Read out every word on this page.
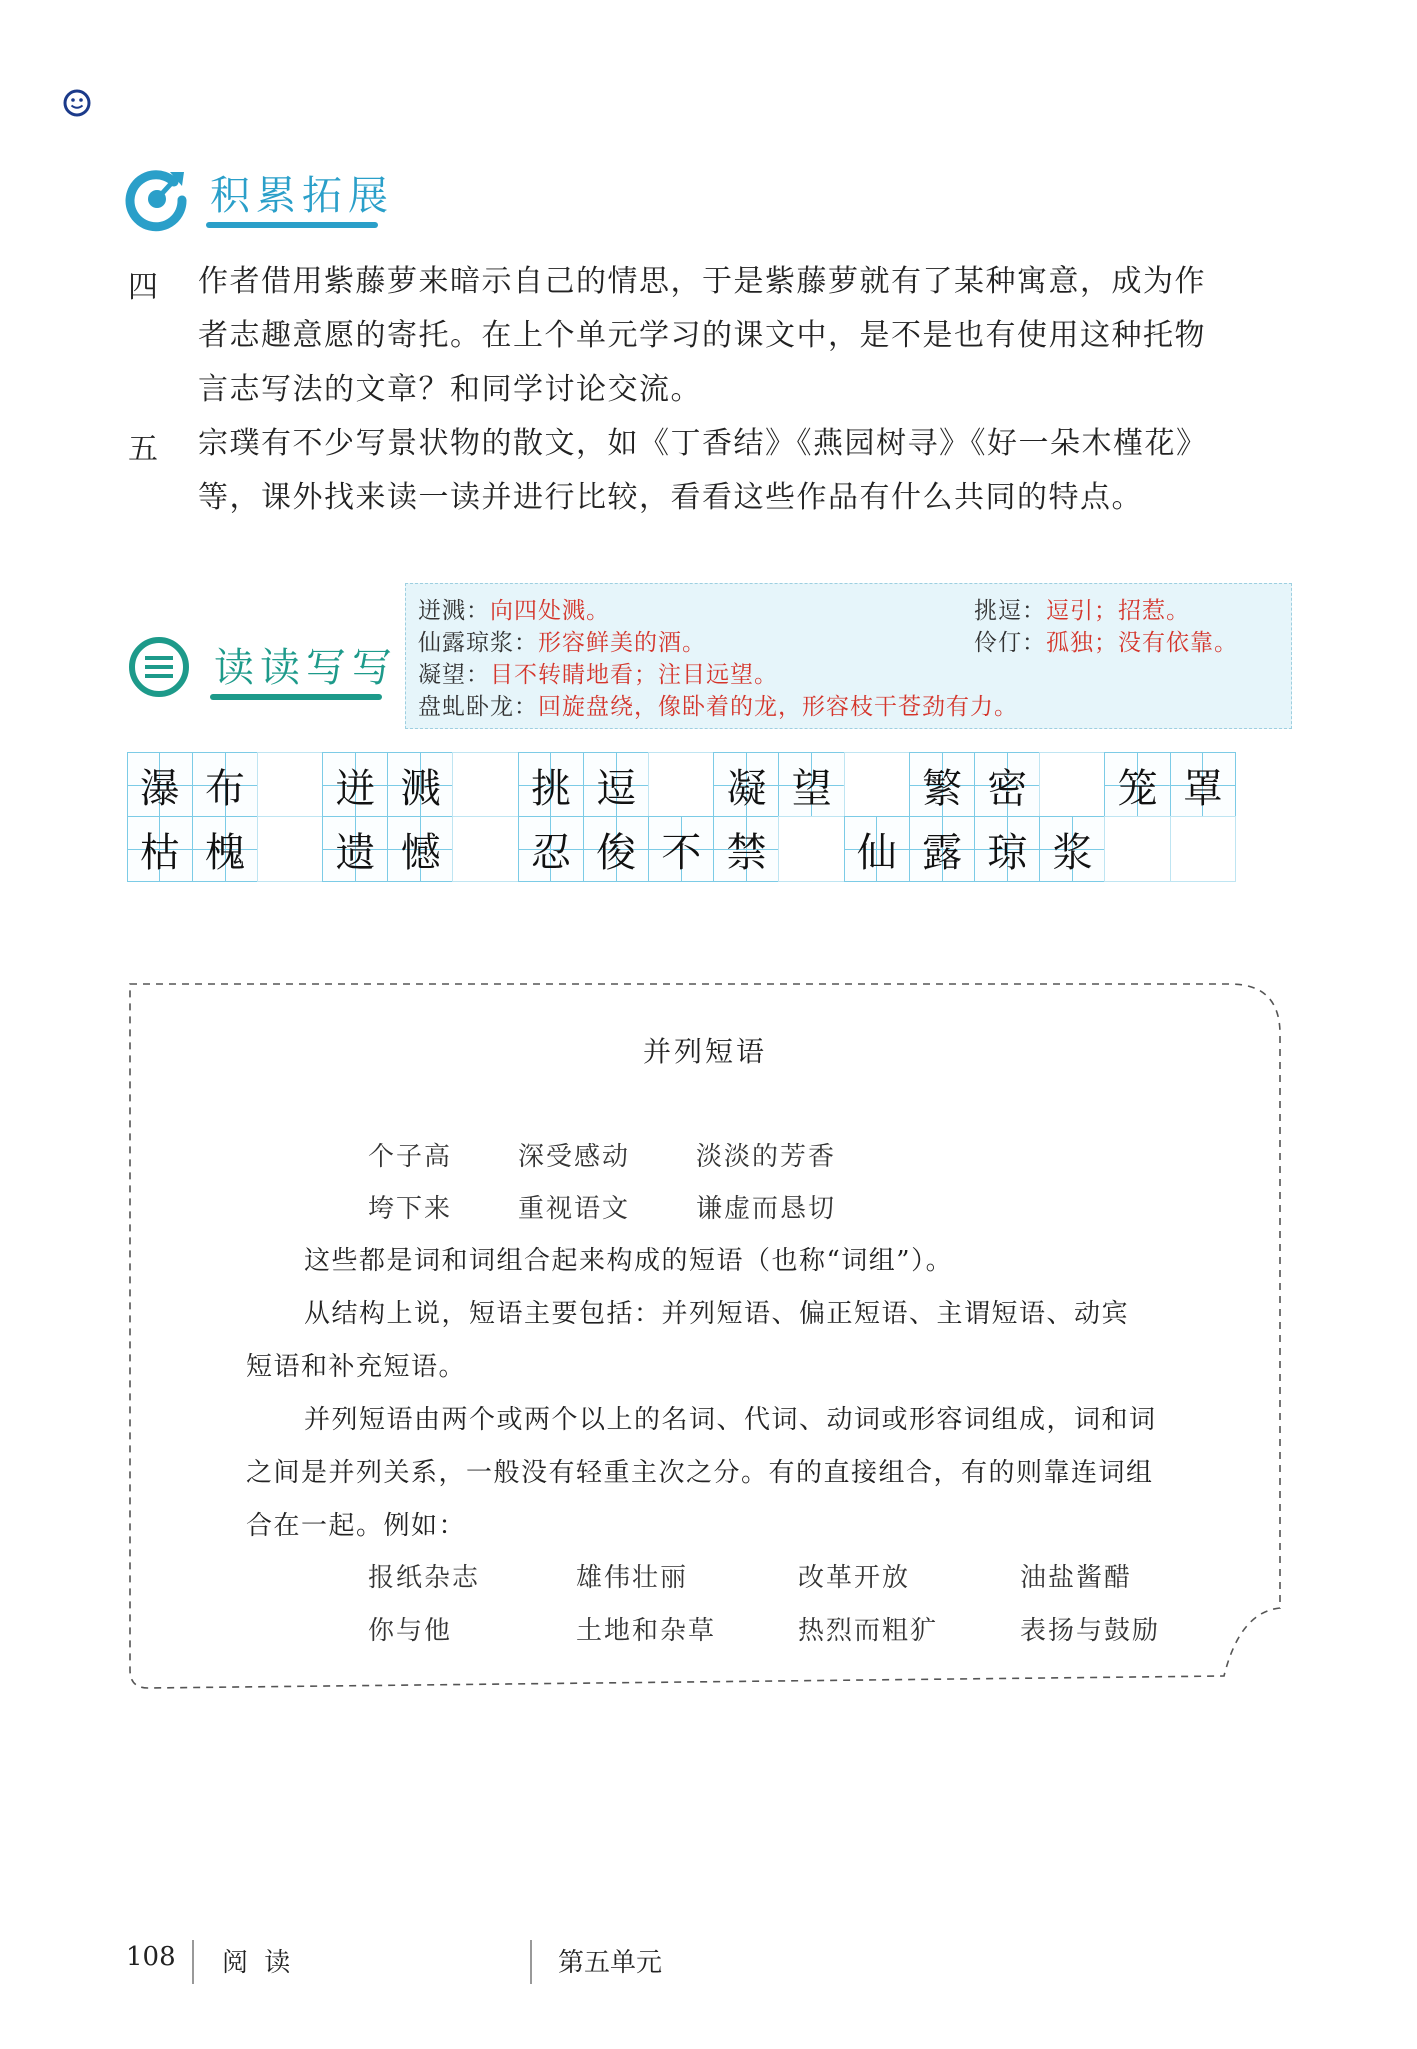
积累拓展
四	作者借用紫藤萝来暗示自己的情思，于是紫藤萝就有了某种寓意，成为作
者志趣意愿的寄托。在上个单元学习的课文中，是不是也有使用这种托物
言志写法的文章？和同学讨论交流。
五	宗璞有不少写景状物的散文，如《丁香结》《燕园树寻》《好一朵木槿花》
等，课外找来读一读并进行比较，看看这些作品有什么共同的特点。
读读写写
迸溅：向四处溅。	挑逗：逗引；招惹。
仙露琼浆：形容鲜美的酒。	伶仃：孤独；没有依靠。
凝望：目不转睛地看；注目远望。
盘虬卧龙：回旋盘绕，像卧着的龙，形容枝干苍劲有力。
瀑 布 迸 溅 挑 逗 凝 望 繁 密 笼 罩
枯 槐 遗 憾 忍 俊 不 禁 仙 露 琼 浆
并列短语
个子高	深受感动	淡淡的芳香
垮下来	重视语文	谦虚而恳切
这些都是词和词组合起来构成的短语（也称“词组”）。
从结构上说，短语主要包括：并列短语、偏正短语、主谓短语、动宾
短语和补充短语。
并列短语由两个或两个以上的名词、代词、动词或形容词组成，词和词
之间是并列关系，一般没有轻重主次之分。有的直接组合，有的则靠连词组
合在一起。例如：
报纸杂志	雄伟壮丽	改革开放	油盐酱醋
你与他	土地和杂草	热烈而粗犷	表扬与鼓励
108 阅 读	第五单元
